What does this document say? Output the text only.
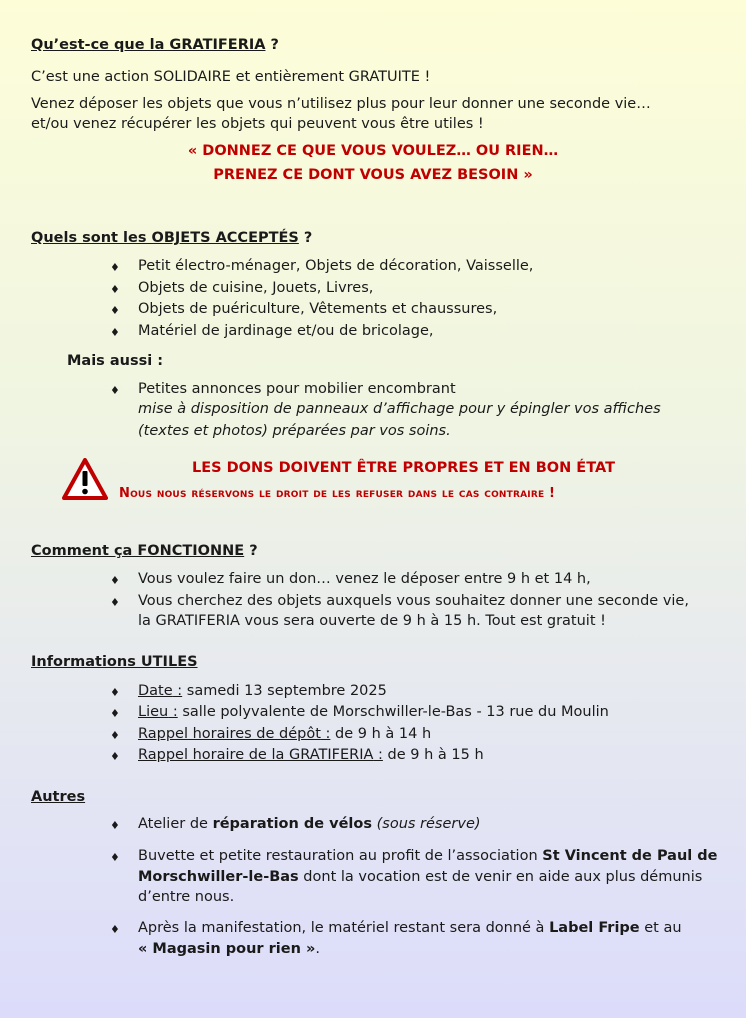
Qu’est-ce que la GRATIFERIA ?
C’est une action SOLIDAIRE et entièrement GRATUITE !
Venez déposer les objets que vous n’utilisez plus pour leur donner une seconde vie…
et/ou venez récupérer les objets qui peuvent vous être utiles !
« DONNEZ CE QUE VOUS VOULEZ… OU RIEN…
PRENEZ CE DONT VOUS AVEZ BESOIN »
Quels sont les OBJETS ACCEPTÉS ?
♦ Petit électro-ménager, Objets de décoration, Vaisselle,
♦ Objets de cuisine, Jouets, Livres,
♦ Objets de puériculture, Vêtements et chaussures,
♦ Matériel de jardinage et/ou de bricolage,
Mais aussi :
♦ Petites annonces pour mobilier encombrant
mise à disposition de panneaux d’affichage pour y épingler vos affiches
(textes et photos) préparées par vos soins.
LES DONS DOIVENT ÊTRE PROPRES ET EN BON ÉTAT
Nous nous réservons le droit de les refuser dans le cas contraire !
Comment ça FONCTIONNE ?
♦ Vous voulez faire un don… venez le déposer entre 9 h et 14 h,
♦ Vous cherchez des objets auxquels vous souhaitez donner une seconde vie,
la GRATIFERIA vous sera ouverte de 9 h à 15 h. Tout est gratuit !
Informations UTILES
♦ Date : samedi 13 septembre 2025
♦ Lieu : salle polyvalente de Morschwiller-le-Bas - 13 rue du Moulin
♦ Rappel horaires de dépôt : de 9 h à 14 h
♦ Rappel horaire de la GRATIFERIA : de 9 h à 15 h
Autres
♦ Atelier de réparation de vélos (sous réserve)
♦ Buvette et petite restauration au profit de l’association St Vincent de Paul de
Morschwiller-le-Bas dont la vocation est de venir en aide aux plus démunis
d’entre nous.
♦ Après la manifestation, le matériel restant sera donné à Label Fripe et au
« Magasin pour rien ».
